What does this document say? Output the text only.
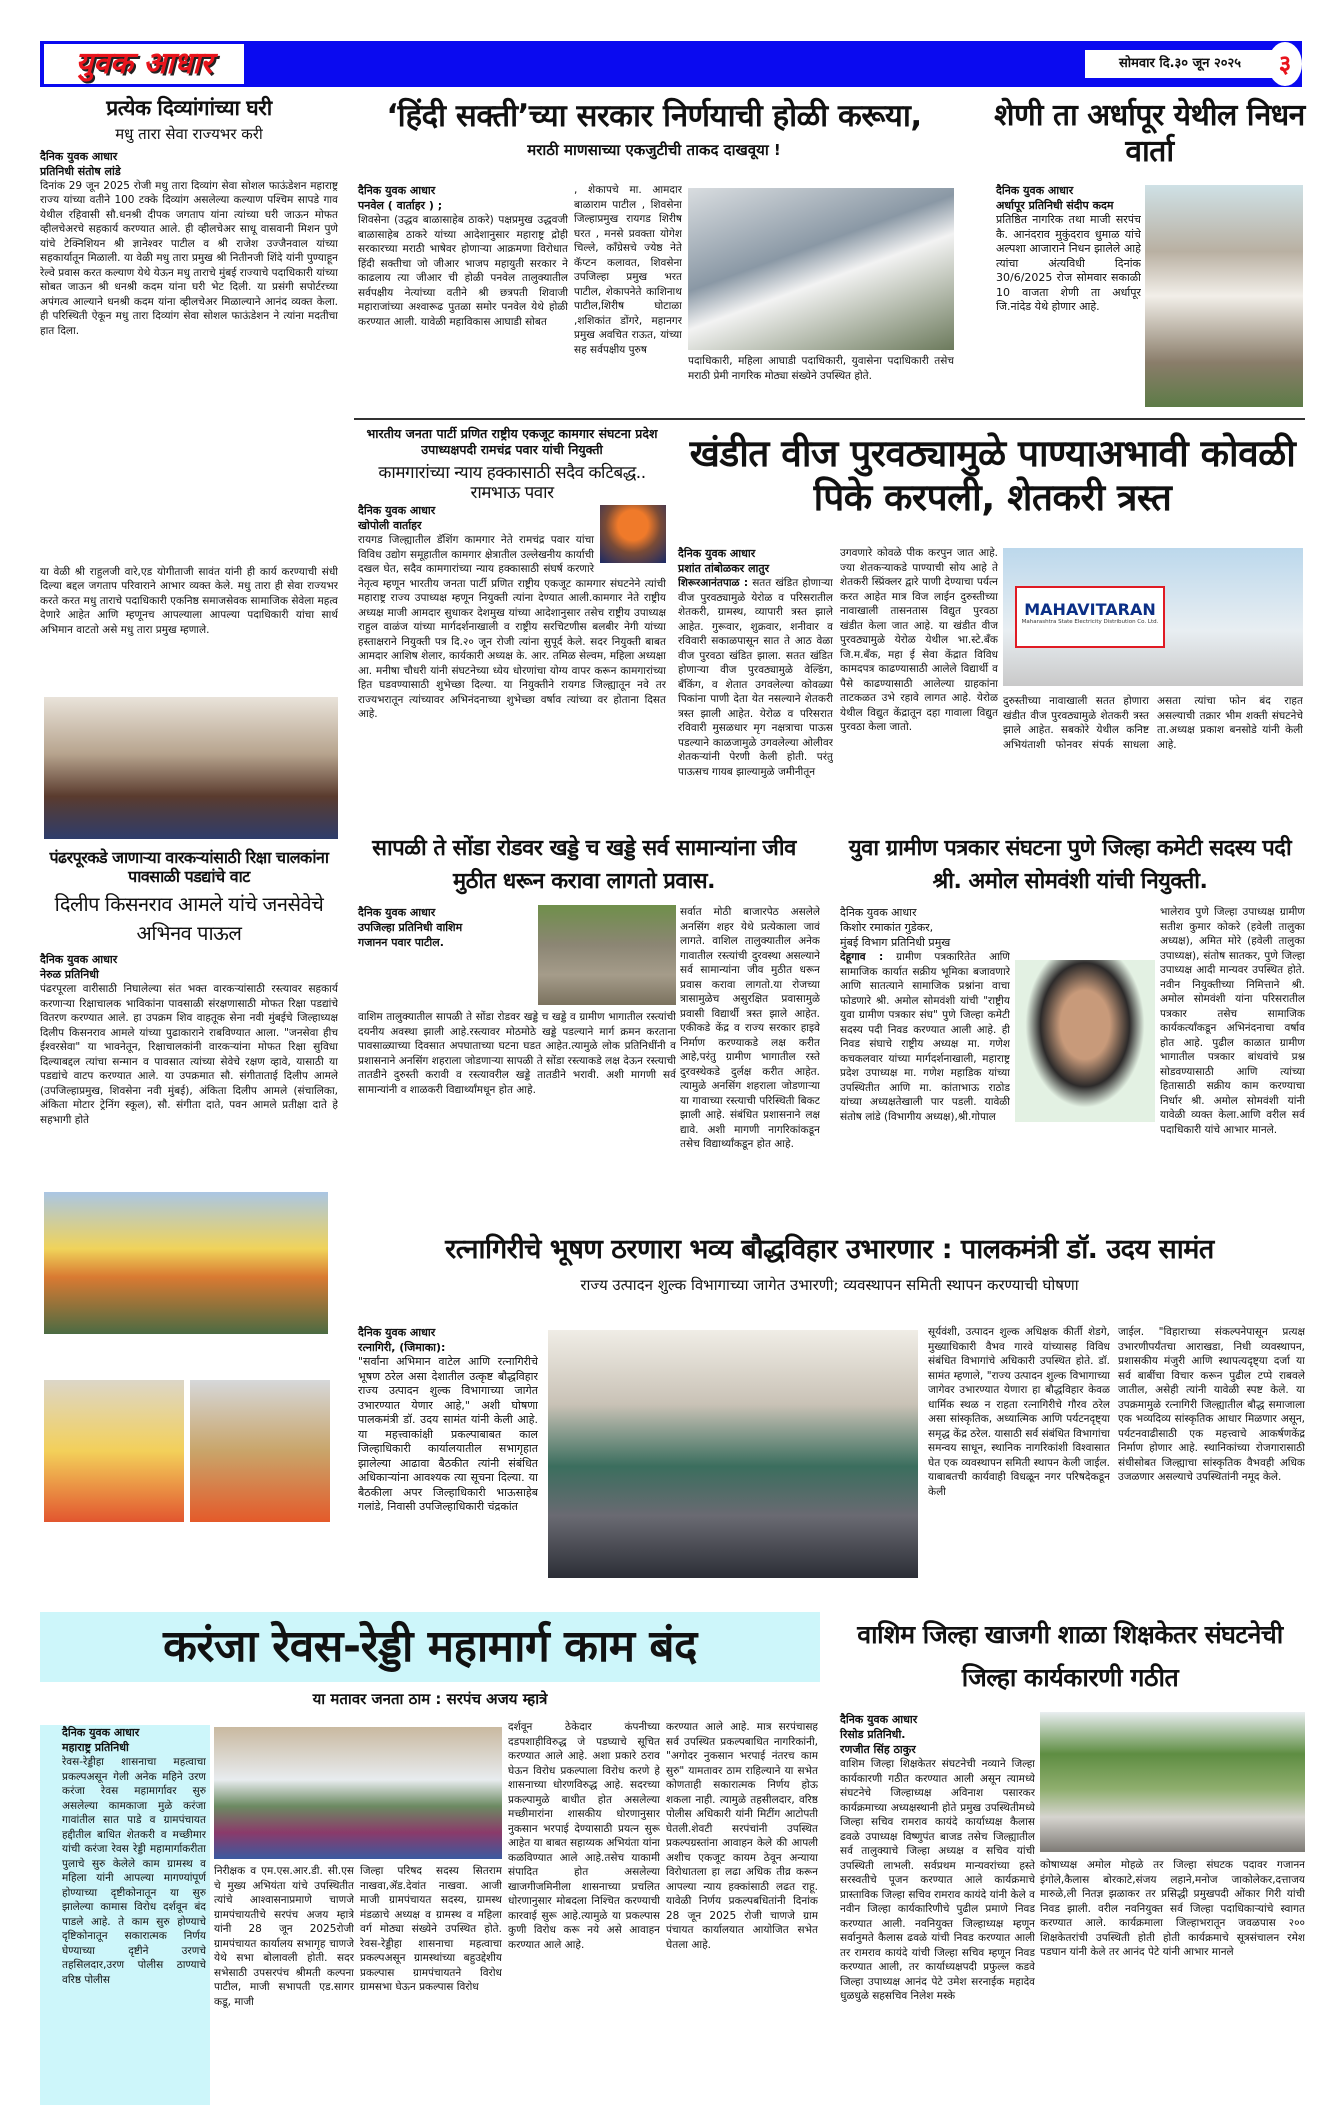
युवक आधार	सोमवार दि.३० जून २०२५	३
प्रत्येक दिव्यांगांच्या घरी
मधु तारा सेवा राज्यभर करी
दैनिक युवक आधार
प्रतिनिधी संतोष लांडे
दिनांक 29 जून 2025 रोजी मधु तारा दिव्यांग सेवा सोशल फाऊंडेशन महाराष्ट्र राज्य यांच्या वतीने 100 टक्के दिव्यांग असलेल्या कल्याण पश्चिम सापडे गाव येथील रहिवासी सौ.धनश्री दीपक जगताप यांना त्यांच्या घरी जाऊन मोफत व्हीलचेअरचे सहकार्य करण्यात आले. ही व्हीलचेअर साधू वासवानी मिशन पुणे यांचे टेक्निशियन श्री ज्ञानेश्वर पाटील व श्री राजेश उज्जैनवाल यांच्या सहकार्यातून मिळाली. या वेळी मधु तारा प्रमुख श्री नितीनजी शिंदे यांनी पुण्याहून रेल्वे प्रवास करत कल्याण येथे येऊन मधु ताराचे मुंबई राज्याचे पदाधिकारी यांच्या सोबत जाऊन श्री धनश्री कदम यांना घरी भेट दिली. या प्रसंगी सपोर्टरच्या अपंगत्व आल्याने धनश्री कदम यांना व्हीलचेअर मिळाल्याने आनंद व्यक्त केला. ही परिस्थिती ऐकून मधु तारा दिव्यांग सेवा सोशल फाऊंडेशन ने त्यांना मदतीचा हात दिला.
या वेळी श्री राहुलजी वारे,एड योगीताजी सावंत यांनी ही कार्य करण्याची संधी दिल्या बद्दल जगताप परिवाराने आभार व्यक्त केले. मधु तारा ही सेवा राज्यभर करते करत मधु ताराचे पदाधिकारी एकनिष्ठ समाजसेवक सामाजिक सेवेला महत्व देणारे आहेत आणि म्हणूनच आपल्याला आपल्या पदाधिकारी यांचा सार्थ अभिमान वाटतो असे मधु तारा प्रमुख म्हणाले.
‘हिंदी सक्ती’च्या सरकार निर्णयाची होळी करूया,
मराठी माणसाच्या एकजुटीची ताकद दाखवूया !
दैनिक युवक आधार
पनवेल ( वार्ताहर ) ;
शिवसेना (उद्धव बाळासाहेब ठाकरे) पक्षप्रमुख उद्धवजी बाळासाहेब ठाकरे यांच्या आदेशानुसार महाराष्ट्र द्रोही सरकारच्या मराठी भाषेवर होणाऱ्या आक्रमणा विरोधात हिंदी सक्तीचा जो जीआर भाजप महायुती सरकार ने काढलाय त्या जीआर ची होळी पनवेल तालुक्यातील सर्वपक्षीय नेत्यांच्या वतीने श्री छत्रपती शिवाजी महाराजांच्या अश्वारूढ पुतळा समोर पनवेल येथे होळी करण्यात आली. यावेळी महाविकास आघाडी सोबत
, शेकापचे मा. आमदार बाळाराम पाटील , शिवसेना जिल्हाप्रमुख रायगड शिरीष घरत , मनसे प्रवक्ता योगेश चिल्ले, काँग्रेसचे ज्येष्ठ नेते कॅप्टन कलावत, शिवसेना उपजिल्हा प्रमुख भरत पाटील, शेकापनेते काशिनाथ पाटील,शिरीष घोटाळा ,शशिकांत डोंगरे, महानगर प्रमुख अवचित राऊत, यांच्या सह सर्वपक्षीय पुरुष
पदाधिकारी, महिला आघाडी पदाधिकारी, युवासेना पदाधिकारी तसेच मराठी प्रेमी नागरिक मोठ्या संख्येने उपस्थित होते.
शेणी ता अर्धापूर येथील निधन वार्ता
दैनिक युवक आधार
अर्धापूर प्रतिनिधी संदीप कदम
प्रतिष्ठित नागरिक तथा माजी सरपंच कै. आनंदराव मुकुंदराव धुमाळ यांचे अल्पशा आजाराने निधन झालेले आहे त्यांचा अंत्यविधी दिनांक 30/6/2025 रोज सोमवार सकाळी 10 वाजता शेणी ता अर्धापूर जि.नांदेड येथे होणार आहे.
भारतीय जनता पार्टी प्रणित राष्ट्रीय एकजूट कामगार संघटना प्रदेश उपाध्यक्षपदी रामचंद्र पवार यांची नियुक्ती
कामगारांच्या न्याय हक्कासाठी सदैव कटिबद्ध.. रामभाऊ पवार
दैनिक युवक आधार
खोपोली वार्ताहर
रायगड जिल्ह्यातील डॅशिंग कामगार नेते रामचंद्र पवार यांचा विविध उद्योग समूहातील कामगार क्षेत्रातील उल्लेखनीय कार्याची दखल घेत, सदैव कामगारांच्या न्याय हक्कासाठी संघर्ष करणारे नेतृत्व म्हणून भारतीय जनता पार्टी प्रणित राष्ट्रीय एकजूट कामगार संघटनेने त्यांची महाराष्ट्र राज्य उपाध्यक्ष म्हणून नियुक्ती त्यांना देण्यात आली.कामगार नेते राष्ट्रीय अध्यक्ष माजी आमदार सुधाकर देशमुख यांच्या आदेशानुसार तसेच राष्ट्रीय उपाध्यक्ष राहुल वाळंज यांच्या मार्गदर्शनाखाली व राष्ट्रीय सरचिटणीस बलबीर नेगी यांच्या हस्ताक्षराने नियुक्ती पत्र दि.२० जून रोजी त्यांना सुपूर्द केले. सदर नियुक्ती बाबत आमदार आशिष शेलार, कार्यकारी अध्यक्ष के. आर. तमिळ सेल्वम, महिला अध्यक्षा आ. मनीषा चौधरी यांनी संघटनेच्या ध्येय धोरणांचा योग्य वापर करून कामगारांच्या हित घडवण्यासाठी शुभेच्छा दिल्या. या नियुक्तीने रायगड जिल्ह्यातून नवे तर राज्यभरातून त्यांच्यावर अभिनंदनाच्या शुभेच्छा वर्षाव त्यांच्या वर होताना दिसत आहे.
खंडीत वीज पुरवठ्यामुळे पाण्याअभावी कोवळी पिके करपली, शेतकरी त्रस्त
दैनिक युवक आधार
प्रशांत तांबोळकर लातुर
शिरूरआनंतपाळ : सतत खंडित होणाऱ्या वीज पुरवठ्यामुळे येरोळ व परिसरातील शेतकरी, ग्रामस्थ, व्यापारी त्रस्त झाले आहेत. गुरूवार, शुक्रवार, शनीवार व रविवारी सकाळपासून सात ते आठ वेळा वीज पुरवठा खंडित झाला. सतत खंडित होणाऱ्या वीज पुरवठ्यामुळे वेल्डिंग, बँकिंग, व शेतात उगवलेल्या कोवळ्या पिकांना पाणी देता येत नसल्याने शेतकरी त्रस्त झाली आहेत. येरोळ व परिसरात रविवारी मुसळधार मृग नक्षत्राचा पाऊस पडल्याने काळजामुळे उगवलेल्या ओलीवर शेतकऱ्यांनी पेरणी केली होती. परंतु पाऊसच गायब झाल्यामुळे जमीनीतून
उगवणारे कोवळे पीक करपुन जात आहे. ज्या शेतकऱ्याकडे पाण्याची सोय आहे ते शेतकरी स्प्रिंक्लर द्वारे पाणी देण्याचा पर्यत्न करत आहेत मात्र विज लाईन दुरुस्तीच्या नावाखाली तासनतास विद्युत पुरवठा खंडीत केला जात आहे. या खंडीत वीज पुरवठ्यामुळे येरोळ येथील भा.स्टे.बँक जि.म.बँक, महा ई सेवा केंद्रात विविध कामदपत्र काढण्यासाठी आलेले विद्यार्थी व पैसे काढण्यासाठी आलेल्या ग्राहकांना ताटकळत उभे रहावे लागत आहे. येरोळ येथील विद्युत केंद्रातून दहा गावाला विद्युत पुरवठा केला जातो.
MAHAVITARAN
Maharashtra State Electricity Distribution Co. Ltd.
दुरुस्तीच्या नावाखाली सतत होणारा खंडीत वीज पुरवठ्यामुळे शेतकरी त्रस्त झाले आहेत. सबकोरे येथील कनिष्ट अभियंताशी फोनवर संपर्क साधला असता त्यांचा फोन बंद राहत असल्याची तक्रार भीम शक्ती संघटनेचे ता.अध्यक्ष प्रकाश बनसोडे यांनी केली आहे.
पंढरपूरकडे जाणाऱ्या वारकऱ्यांसाठी रिक्षा चालकांना पावसाळी पडद्यांचे वाट
दिलीप किसनराव आमले यांचे जनसेवेचे अभिनव पाऊल
दैनिक युवक आधार
नेरुळ प्रतिनिधी
पंढरपूरला वारीसाठी निघालेल्या संत भक्त वारकऱ्यांसाठी रस्त्यावर सहकार्य करणाऱ्या रिक्षाचालक भाविकांना पावसाळी संरक्षणासाठी मोफत रिक्षा पडद्यांचे वितरण करण्यात आले. हा उपक्रम शिव वाहतूक सेना नवी मुंबईचे जिल्हाध्यक्ष दिलीप किसनराव आमले यांच्या पुढाकाराने राबविण्यात आला. "जनसेवा हीच ईश्वरसेवा" या भावनेतून, रिक्षाचालकांनी वारकऱ्यांना मोफत रिक्षा सुविधा दिल्याबद्दल त्यांचा सन्मान व पावसात त्यांच्या सेवेचे रक्षण व्हावे, यासाठी या पडद्यांचे वाटप करण्यात आले. या उपक्रमात सौ. संगीताताई दिलीप आमले (उपजिल्हाप्रमुख, शिवसेना नवी मुंबई), अंकिता दिलीप आमले (संचालिका, अंकिता मोटार ट्रेनिंग स्कूल), सौ. संगीता दाते, पवन आमले प्रतीक्षा दाते हे सहभागी होते
सापळी ते सोंडा रोडवर खड्डे च खड्डे सर्व सामान्यांना जीव मुठीत धरून करावा लागतो प्रवास.
दैनिक युवक आधार
उपजिल्हा प्रतिनिधी वाशिम
गजानन पवार पाटील.
वाशिम तालुक्यातील सापळी ते सोंडा रोडवर खड्डे च खड्डे व ग्रामीण भागातील रस्त्यांची दयनीय अवस्था झाली आहे.रस्त्यावर मोठमोठे खड्डे पडल्याने मार्ग क्रमन करताना पावसाळ्याच्या दिवसात अपघाताच्या घटना घडत आहेत.त्यामुळे लोक प्रतिनिधींनी व प्रशासनाने अनसिंग शहराला जोडणाऱ्या सापळी ते सोंडा रस्त्याकडे लक्ष देऊन रस्त्याची तातडीने दुरुस्ती करावी व रस्त्यावरील खड्डे तातडीने भरावी. अशी मागणी सर्व सामान्यांनी व शाळकरी विद्यार्थ्यांमधून होत आहे.
सर्वात मोठी बाजारपेठ असलेले अनसिंग शहर येथे प्रत्येकाला जावं लागते. वाशिल तालुक्यातील अनेक गावातील रस्त्यांची दुरवस्था असल्याने सर्व सामान्यांना जीव मुठीत धरून प्रवास करावा लागतो.या रोजच्या त्रासामुळेच असुरक्षित प्रवासामुळे प्रवासी विद्यार्थी त्रस्त झाले आहेत. एकीकडे केंद्र व राज्य सरकार हाइवे निर्माण करण्याकडे लक्ष करीत आहे,परंतु ग्रामीण भागातील रस्ते दुरवस्थेकडे दुर्लक्ष करीत आहेत. त्यामुळे अनसिंग शहराला जोडणाऱ्या या गावाच्या रस्त्याची परिस्थिती बिकट झाली आहे. संबंधित प्रशासनाने लक्ष द्यावे. अशी मागणी नागरिकांकडून तसेच विद्यार्थ्यांकडून होत आहे.
युवा ग्रामीण पत्रकार संघटना पुणे जिल्हा कमेटी सदस्य पदी श्री. अमोल सोमवंशी यांची नियुक्ती.
दैनिक युवक आधार
किशोर रमाकांत गुडेकर,
मुंबई विभाग प्रतिनिधी प्रमुख
देहूगाव : ग्रामीण पत्रकारितेत आणि सामाजिक कार्यात सक्रीय भूमिका बजावणारे आणि सातत्याने सामाजिक प्रश्नांना वाचा फोडणारे श्री. अमोल सोमवंशी यांची "राष्ट्रीय युवा ग्रामीण पत्रकार संघ" पुणे जिल्हा कमेटी सदस्य पदी निवड करण्यात आली आहे. ही निवड संघाचे राष्ट्रीय अध्यक्ष मा. गणेश कचकलवार यांच्या मार्गदर्शनाखाली, महाराष्ट्र प्रदेश उपाध्यक्ष मा. गणेश महाडिक यांच्या उपस्थितीत आणि मा. कांताभाऊ राठोड यांच्या अध्यक्षतेखाली पार पडली. यावेळी संतोष लांडे (विभागीय अध्यक्ष),श्री.गोपाल
भालेराव पुणे जिल्हा उपाध्यक्ष ग्रामीण सतीश कुमार कोकरे (हवेली तालुका अध्यक्ष), अमित मोरे (हवेली तालुका उपाध्यक्ष), संतोष सातकर, पुणे जिल्हा उपाध्यक्ष आदी मान्यवर उपस्थित होते. नवीन नियुक्तीच्या निमित्ताने श्री. अमोल सोमवंशी यांना परिसरातील पत्रकार तसेच सामाजिक कार्यकर्त्यांकडून अभिनंदनाचा वर्षाव होत आहे. पुढील काळात ग्रामीण भागातील पत्रकार बांधवांचे प्रश्न सोडवण्यासाठी आणि त्यांच्या हितासाठी सक्रीय काम करण्याचा निर्धार श्री. अमोल सोमवंशी यांनी यावेळी व्यक्त केला.आणि वरील सर्व पदाधिकारी यांचे आभार मानले.
रत्नागिरीचे भूषण ठरणारा भव्य बौद्धविहार उभारणार : पालकमंत्री डॉ. उदय सामंत
राज्य उत्पादन शुल्क विभागाच्या जागेत उभारणी; व्यवस्थापन समिती स्थापन करण्याची घोषणा
दैनिक युवक आधार
रत्नागिरी, (जिमाका):
"सर्वांना अभिमान वाटेल आणि रत्नागिरीचे भूषण ठरेल असा देशातील उत्कृष्ट बौद्धविहार राज्य उत्पादन शुल्क विभागाच्या जागेत उभारण्यात येणार आहे," अशी घोषणा पालकमंत्री डॉ. उदय सामंत यांनी केली आहे. या महत्त्वाकांक्षी प्रकल्पाबाबत काल जिल्हाधिकारी कार्यालयातील सभागृहात झालेल्या आढावा बैठकीत त्यांनी संबंधित अधिकाऱ्यांना आवश्यक त्या सूचना दिल्या. या बैठकीला अपर जिल्हाधिकारी भाऊसाहेब गलांडे, निवासी उपजिल्हाधिकारी चंद्रकांत
सूर्यवंशी, उत्पादन शुल्क अधिक्षक कीर्ती शेडगे, मुख्याधिकारी वैभव गारवे यांच्यासह विविध संबंधित विभागांचे अधिकारी उपस्थित होते. डॉ. सामंत म्हणाले, "राज्य उत्पादन शुल्क विभागाच्या जागेवर उभारण्यात येणारा हा बौद्धविहार केवळ धार्मिक स्थळ न राहता रत्नागिरीचे गौरव ठरेल असा सांस्कृतिक, अध्यात्मिक आणि पर्यटनदृष्ट्या समृद्ध केंद्र ठरेल. यासाठी सर्व संबंधित विभागांचा समन्वय साधून, स्थानिक नागरिकांशी विश्वासात घेत एक व्यवस्थापन समिती स्थापन केली जाईल. याबाबतची कार्यवाही विधळून नगर परिषदेकडून केली
जाईल. "विहाराच्या संकल्पनेपासून प्रत्यक्ष उभारणीपर्यंतचा आराखडा, निधी व्यवस्थापन, प्रशासकीय मंजुरी आणि स्थापत्यदृष्ट्या दर्जा या सर्व बाबींचा विचार करून पुढील टप्पे राबवले जातील, असेही त्यांनी यावेळी स्पष्ट केले. या उपक्रमामुळे रत्नागिरी जिल्ह्यातील बौद्ध समाजाला एक भव्यदिव्य सांस्कृतिक आधार मिळणार असून, पर्यटनवाढीसाठी एक महत्त्वाचे आकर्षणकेंद्र निर्माण होणार आहे. स्थानिकांच्या रोजगारासाठी संधीसोबत जिल्ह्याचा सांस्कृतिक वैभवही अधिक उजळणार असल्याचे उपस्थितांनी नमूद केले.
करंजा रेवस-रेड्डी महामार्ग काम बंद
या मतावर जनता ठाम : सरपंच अजय म्हात्रे
दैनिक युवक आधार
महाराष्ट्र प्रतिनिधी
रेवस-रेड्डीहा शासनाचा महत्वाचा प्रकल्पअसून गेली अनेक महिने उरण करंजा रेवस महामार्गावर सुरु असलेल्या कामकाजा मुळे करंजा गावांतील सात पाडे व ग्रामपंचायत हद्दीतील बाधित शेतकरी व मच्छीमार यांची करंजा रेवस रेड्डी महामार्गाकरीता पुलाचे सुरु केलेले काम ग्रामस्थ व महिला यांनी आपल्या मागण्यांपूर्ण होण्याच्या दृष्टीकोनातून या सुरु झालेल्या कामास विरोध दर्शवून बंद पाडले आहे. ते काम सुरु होण्याचे दृष्टिकोनातून सकारात्मक निर्णय घेण्याच्या दृष्टीने उरणचे तहसिलदार,उरण पोलीस ठाण्याचे वरिष्ठ पोलीस
निरीक्षक व एम.एस.आर.डी. सी.एस चे मुख्य अभियंता यांचे उपस्थितीत त्यांचे आश्वासनाप्रमाणे चाणजे ग्रामपंचायतीचे सरपंच अजय म्हात्रे यांनी 28 जून 2025रोजी ग्रामपंचायत कार्यालय सभागृह चाणजे येथे सभा बोलावली होती. सदर सभेसाठी उपसरपंच श्रीमती कल्पना पाटील, माजी सभापती एड.सागर कडू, माजी
जिल्हा परिषद सदस्य सितराम नाखवा,ॲड.देवांत नाखवा. आजी माजी ग्रामपंचायत सदस्य, ग्रामस्थ मंडळाचे अध्यक्ष व ग्रामस्थ व महिला वर्ग मोठ्या संख्येने उपस्थित होते. रेवस-रेड्डीहा शासनाचा महत्वाचा प्रकल्पअसून ग्रामस्थांच्या बहुउद्देशीय प्रकल्पास ग्रामपंचायतने विरोध ग्रामसभा घेऊन प्रकल्पास विरोध
दर्शवून ठेकेदार कंपनीच्या दडपशाहीविरुद्ध जे पडघ्याचे सूचित करण्यात आले आहे. अशा प्रकारे ठराव घेऊन विरोध प्रकल्पाला विरोध करणे हे शासनाच्या धोरणविरुद्ध आहे. सदरच्या प्रकल्पामुळे बाधीत होत असलेल्या मच्छीमारांना शासकीय धोरणानुसार नुकसान भरपाई देण्यासाठी प्रयत्न सुरू आहेत या बाबत सहाय्यक अभियंता यांना कळविण्यात आले आहे.तसेच याकामी संपादित होत असलेल्या खाजगीजमिनीला शासनाच्या प्रचलित धोरणानुसार मोबदला निश्चित करण्याची कारवाई सुरू आहे.त्यामुळे या प्रकल्पास कुणी विरोध करू नये असे आवाहन करण्यात आले आहे.
करण्यात आले आहे. मात्र सरपंचासह सर्व उपस्थित प्रकल्पबाधित नागरिकांनी, "अगोदर नुकसान भरपाई नंतरच काम सुरु" यामतावर ठाम राहिल्याने या सभेत कोणताही सकारात्मक निर्णय होऊ शकला नाही. त्यामुळे तहसीलदार, वरिष्ठ पोलीस अधिकारी यांनी मिटींग आटोपती घेतली.शेवटी सरपंचांनी उपस्थित प्रकल्पग्रस्तांना आवाहन केले की आपली अशीच एकजूट कायम ठेवून अन्याया विरोधातला हा लढा अधिक तीव्र करून आपल्या न्याय हक्कांसाठी लढत राहू. यावेळी निर्णय प्रकल्पबधितांनी दिनांक 28 जून 2025 रोजी चाणजे ग्राम पंचायत कार्यालयात आयोजित सभेत घेतला आहे.
वाशिम जिल्हा खाजगी शाळा शिक्षकेतर संघटनेची जिल्हा कार्यकारणी गठीत
दैनिक युवक आधार
रिसोड प्रतिनिधी.
रणजीत सिंह ठाकुर
वाशिम जिल्हा शिक्षकेतर संघटनेची नव्याने जिल्हा कार्यकारणी गठीत करण्यात आली असून त्यामध्ये संघटनेचे जिल्हाध्यक्ष अविनाश पसारकर कार्यक्रमाच्या अध्यक्षस्थानी होते प्रमुख उपस्थितीमध्ये जिल्हा सचिव रामराव कायंदे कार्याध्यक्ष कैलास ढवळे उपाध्यक्ष विष्णुपंत बाजड तसेच जिल्ह्यातील सर्व तालुक्याचे जिल्हा अध्यक्ष व सचिव यांची उपस्थिती लाभली. सर्वप्रथम मान्यवरांच्या हस्ते सरस्वतीचे पूजन करण्यात आले कार्यक्रमाचे प्रास्ताविक जिल्हा सचिव रामराव कायंदे यांनी केले व नवीन जिल्हा कार्यकारिणीचे पुढील प्रमाणे निवड करण्यात आली. नवनियुक्त जिल्हाध्यक्ष म्हणून सर्वानुमते कैलास ढवळे यांची निवड करण्यात आली तर रामराव कायंदे यांची जिल्हा सचिव म्हणून निवड करण्यात आली, तर कार्याध्यक्षपदी प्रफुल्ल कडवे जिल्हा उपाध्यक्ष आनंद पेटे उमेश सरनाईक महादेव धुळधुळे सहसचिव निलेश मस्के
कोषाध्यक्ष अमोल मोहळे तर जिल्हा संघटक पदावर गजानन इंगोले,कैलास बोरकाटे,संजय लहाने,मनोज जाकोलेकर,दत्ताजय मारुळे,ली नितज्ञ झळाकर तर प्रसिद्धी प्रमुखपदी ओंकार गिरी यांची निवड झाली. वरील नवनियुक्त सर्व जिल्हा पदाधिकाऱ्यांचे स्वागत करण्यात आले. कार्यक्रमाला जिल्हाभरातून जवळपास २०० शिक्षकेतरांची उपस्थिती होती होती कार्यक्रमाचे सूत्रसंचालन रमेश पडघान यांनी केले तर आनंद पेटे यांनी आभार मानले
